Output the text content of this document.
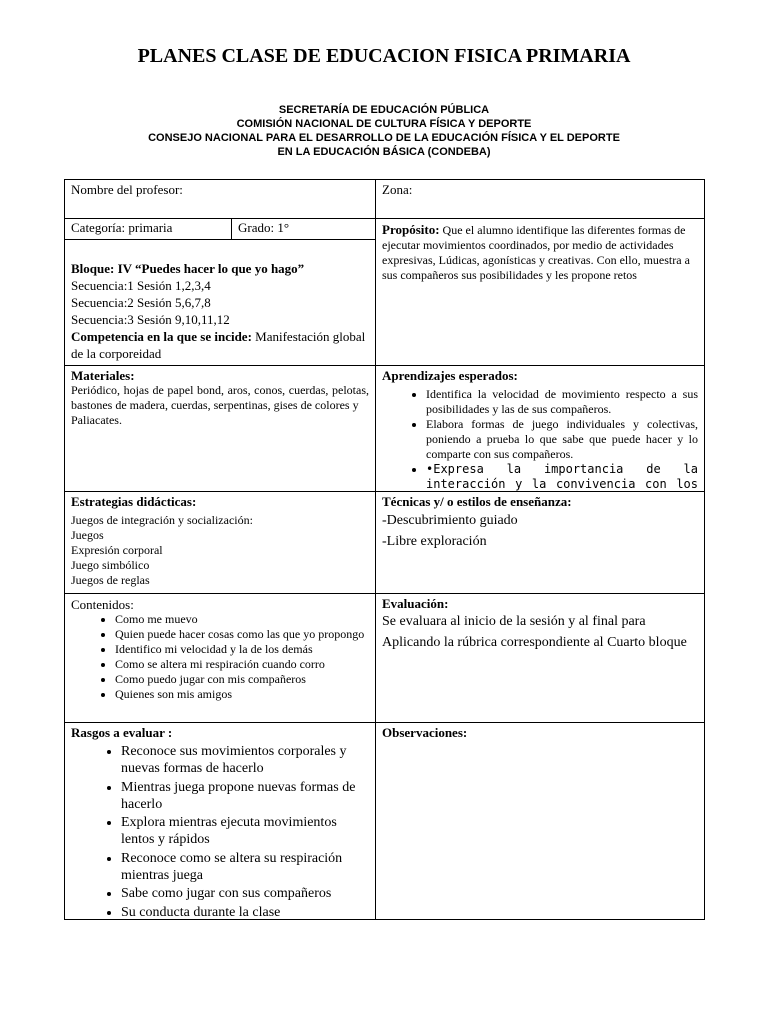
PLANES CLASE DE EDUCACION FISICA PRIMARIA
SECRETARÍA DE EDUCACIÓN PÚBLICA
COMISIÓN NACIONAL DE CULTURA FÍSICA Y DEPORTE
CONSEJO NACIONAL PARA EL DESARROLLO DE LA EDUCACIÓN FÍSICA Y EL DEPORTE
EN LA EDUCACIÓN BÁSICA (CONDEBA)
Nombre del profesor:	Zona:
Categoría: primaria	Grado: 1°
Bloque: IV “Puedes hacer lo que yo hago”
Secuencia:1 Sesión 1,2,3,4
Secuencia:2 Sesión 5,6,7,8
Secuencia:3 Sesión 9,10,11,12
Competencia en la que se incide: Manifestación global de la corporeidad
Propósito: Que el alumno identifique las diferentes formas de ejecutar movimientos coordinados, por medio de actividades expresivas, Lúdicas, agonísticas y creativas. Con ello, muestra a sus compañeros sus posibilidades y les propone retos
Materiales:
Periódico, hojas de papel bond, aros, conos, cuerdas, pelotas, bastones de madera, cuerdas, serpentinas, gises de colores y
Paliacates.
Aprendizajes esperados:
• Identifica la velocidad de movimiento respecto a sus posibilidades y las de sus compañeros.
• Elabora formas de juego individuales y colectivas, poniendo a prueba lo que sabe que puede hacer y lo comparte con sus compañeros.
• •Expresa la importancia de la interacción y la convivencia con los
Estrategias didácticas:
Juegos de integración y socialización:
Juegos
Expresión corporal
Juego simbólico
Juegos de reglas
Técnicas y/ o estilos de enseñanza:
-Descubrimiento guiado
-Libre exploración
Contenidos:
• Como me muevo
• Quien puede hacer cosas como las que yo propongo
• Identifico mi velocidad y la de los demás
• Como se altera mi respiración cuando corro
• Como puedo jugar con mis compañeros
• Quienes son mis amigos
Evaluación:
Se evaluara al inicio de la sesión y al final para Aplicando la rúbrica correspondiente al Cuarto bloque
Rasgos a evaluar :
• Reconoce sus movimientos corporales y nuevas formas de hacerlo
• Mientras juega propone nuevas formas de hacerlo
• Explora mientras ejecuta movimientos lentos y rápidos
• Reconoce como se altera su respiración mientras juega
• Sabe como jugar con sus compañeros
• Su conducta durante la clase
Observaciones:
